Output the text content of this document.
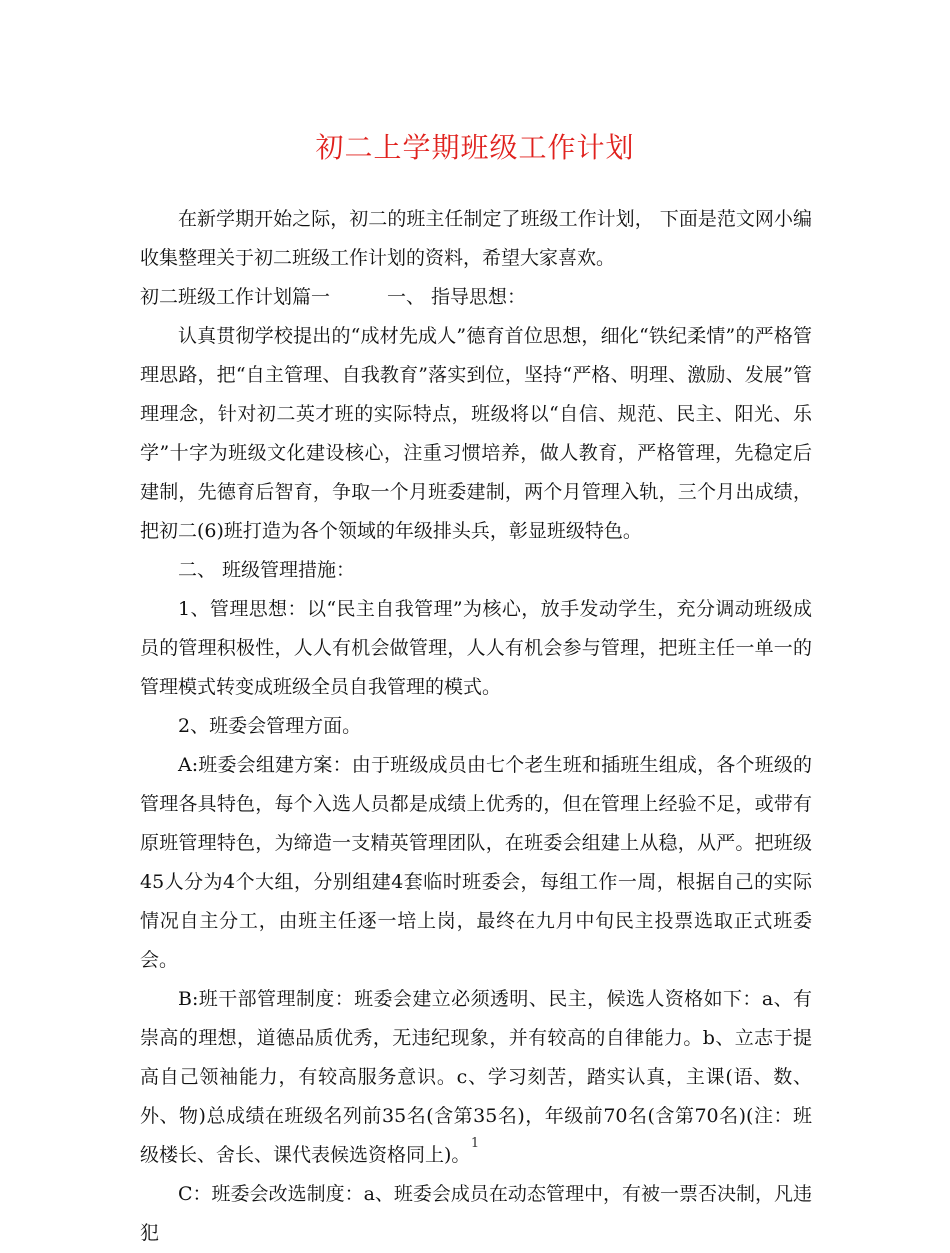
初二上学期班级工作计划

在新学期开始之际，初二的班主任制定了班级工作计划， 下面是范文网小编收集整理关于初二班级工作计划的资料，希望大家喜欢。

初二班级工作计划篇一　　　一、 指导思想：

认真贯彻学校提出的“成材先成人”德育首位思想，细化“铁纪柔情”的严格管理思路，把“自主管理、自我教育”落实到位，坚持“严格、明理、激励、发展”管理理念，针对初二英才班的实际特点，班级将以“自信、规范、民主、阳光、乐学”十字为班级文化建设核心，注重习惯培养，做人教育，严格管理，先稳定后建制，先德育后智育，争取一个月班委建制，两个月管理入轨，三个月出成绩，把初二(6)班打造为各个领域的年级排头兵，彰显班级特色。

二、 班级管理措施：

1、管理思想：以“民主自我管理”为核心，放手发动学生，充分调动班级成员的管理积极性，人人有机会做管理，人人有机会参与管理，把班主任一单一的管理模式转变成班级全员自我管理的模式。

2、班委会管理方面。

A:班委会组建方案：由于班级成员由七个老生班和插班生组成，各个班级的管理各具特色，每个入选人员都是成绩上优秀的，但在管理上经验不足，或带有原班管理特色，为缔造一支精英管理团队，在班委会组建上从稳，从严。把班级45人分为4个大组，分别组建4套临时班委会，每组工作一周，根据自己的实际情况自主分工，由班主任逐一培上岗，最终在九月中旬民主投票选取正式班委会。

B:班干部管理制度：班委会建立必须透明、民主，候选人资格如下：a、有崇高的理想，道德品质优秀，无违纪现象，并有较高的自律能力。b、立志于提高自己领袖能力，有较高服务意识。c、学习刻苦，踏实认真，主课(语、数、外、物)总成绩在班级名列前35名(含第35名)，年级前70名(含第70名)(注：班级楼长、舍长、课代表候选资格同上)。

C：班委会改选制度：a、班委会成员在动态管理中，有被一票否决制，凡违犯

1
